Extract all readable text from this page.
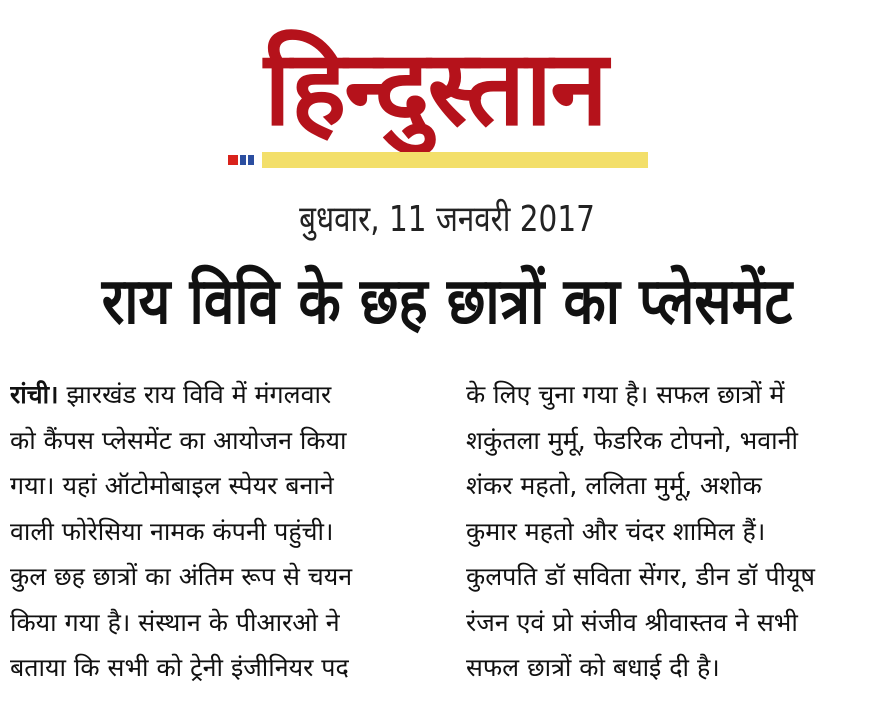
हिन्दुस्तान
बुधवार, 11 जनवरी 2017
राय विवि के छह छात्रों का प्लेसमेंट
रांची। झारखंड राय विवि में मंगलवार
को कैंपस प्लेसमेंट का आयोजन किया
गया। यहां ऑटोमोबाइल स्पेयर बनाने
वाली फोरेसिया नामक कंपनी पहुंची।
कुल छह छात्रों का अंतिम रूप से चयन
किया गया है। संस्थान के पीआरओ ने
बताया कि सभी को ट्रेनी इंजीनियर पद
के लिए चुना गया है। सफल छात्रों में
शकुंतला मुर्मू, फेडरिक टोपनो, भवानी
शंकर महतो, ललिता मुर्मू, अशोक
कुमार महतो और चंदर शामिल हैं।
कुलपति डॉ सविता सेंगर, डीन डॉ पीयूष
रंजन एवं प्रो संजीव श्रीवास्तव ने सभी
सफल छात्रों को बधाई दी है।
